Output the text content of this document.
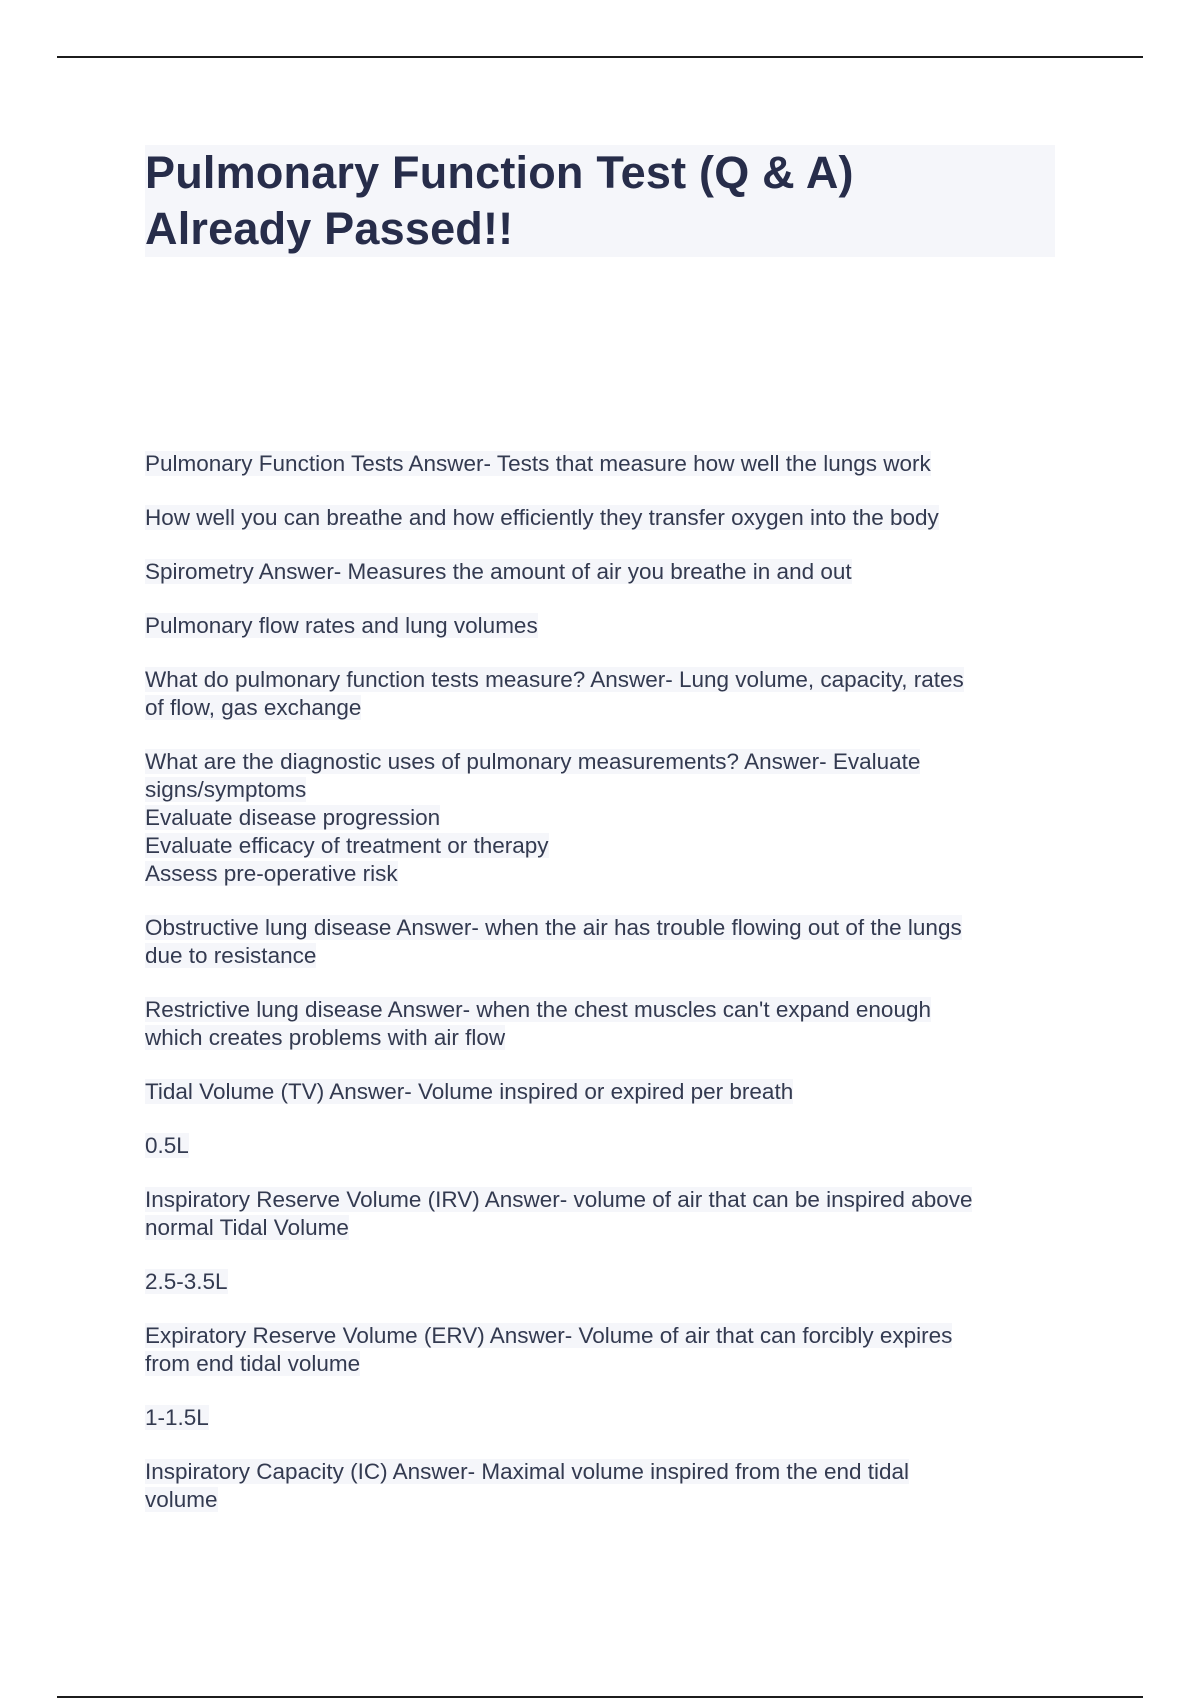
Pulmonary Function Test (Q & A)
Already Passed!!

Pulmonary Function Tests Answer- Tests that measure how well the lungs work

How well you can breathe and how efficiently they transfer oxygen into the body

Spirometry Answer- Measures the amount of air you breathe in and out

Pulmonary flow rates and lung volumes

What do pulmonary function tests measure? Answer- Lung volume, capacity, rates
of flow, gas exchange

What are the diagnostic uses of pulmonary measurements? Answer- Evaluate
signs/symptoms
Evaluate disease progression
Evaluate efficacy of treatment or therapy
Assess pre-operative risk

Obstructive lung disease Answer- when the air has trouble flowing out of the lungs
due to resistance

Restrictive lung disease Answer- when the chest muscles can't expand enough
which creates problems with air flow

Tidal Volume (TV) Answer- Volume inspired or expired per breath

0.5L

Inspiratory Reserve Volume (IRV) Answer- volume of air that can be inspired above
normal Tidal Volume

2.5-3.5L

Expiratory Reserve Volume (ERV) Answer- Volume of air that can forcibly expires
from end tidal volume

1-1.5L

Inspiratory Capacity (IC) Answer- Maximal volume inspired from the end tidal
volume
